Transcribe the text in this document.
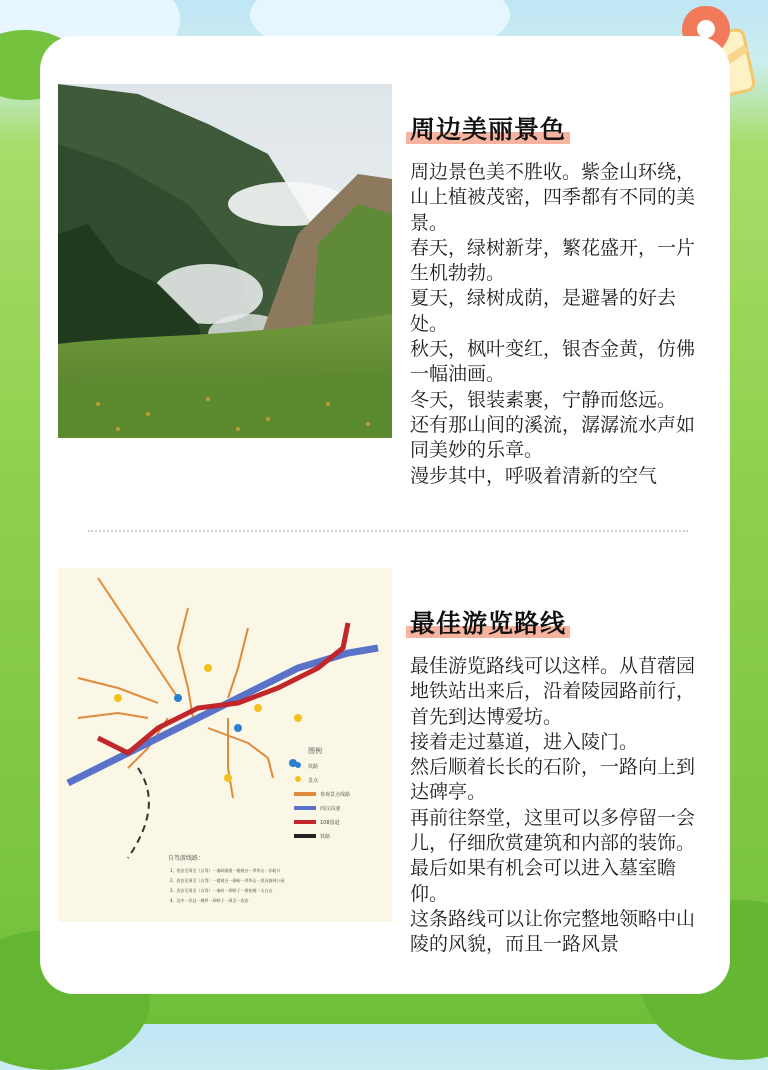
周边美丽景色
周边景色美不胜收。紫金山环绕，山上植被茂密，四季都有不同的美景。
春天，绿树新芽，繁花盛开，一片生机勃勃。
夏天，绿树成荫，是避暑的好去处。
秋天，枫叶变红，银杏金黄，仿佛一幅油画。
冬天，银装素裹，宁静而悠远。
还有那山间的溪流，潺潺流水声如同美妙的乐章。
漫步其中，呼吸着清新的空气
图例
铁路
景点
参观景点线路
西汉高速
108国道
铁路
自驾游线路：
1、西安至周至（自驾）一秦岭隧道一楼观台一翠华山一沣峪口
2、西安至周至（自驾）一楼观台一骆峪一翠华山一黑河森林公园
3、西安至周至（自驾）一秦岭一厚畛子一黄柏塬一太白山
4、汉中一洋县一佛坪一厚畛子一周至一西安
最佳游览路线
最佳游览路线可以这样。从苜蓿园地铁站出来后，沿着陵园路前行，首先到达博爱坊。
接着走过墓道，进入陵门。
然后顺着长长的石阶，一路向上到达碑亭。
再前往祭堂，这里可以多停留一会儿，仔细欣赏建筑和内部的装饰。
最后如果有机会可以进入墓室瞻仰。
这条路线可以让你完整地领略中山陵的风貌，而且一路风景
